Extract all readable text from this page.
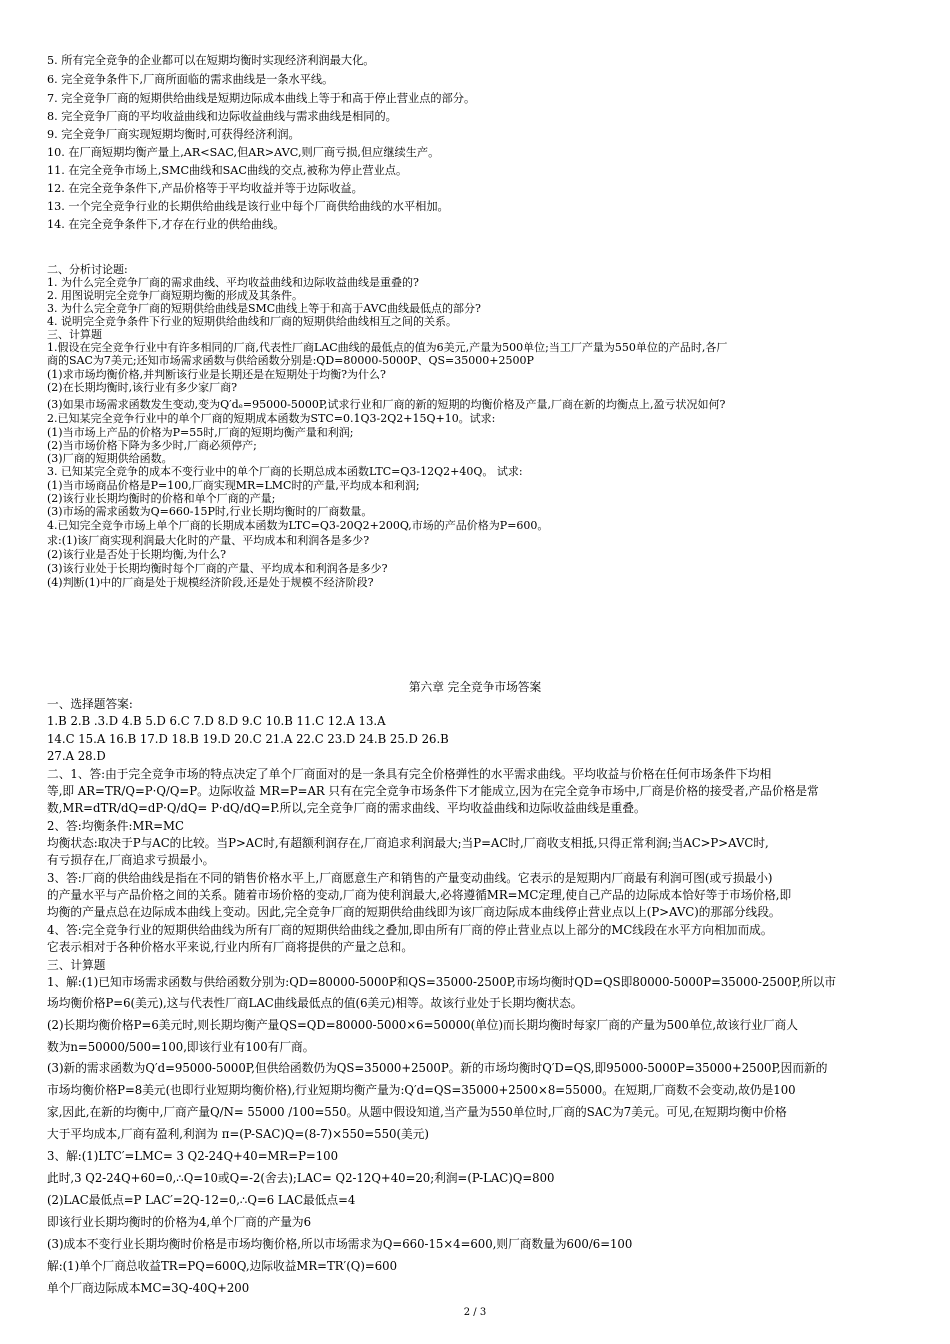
5. 所有完全竞争的企业都可以在短期均衡时实现经济利润最大化。
6. 完全竞争条件下,厂商所面临的需求曲线是一条水平线。
7. 完全竞争厂商的短期供给曲线是短期边际成本曲线上等于和高于停止营业点的部分。
8. 完全竞争厂商的平均收益曲线和边际收益曲线与需求曲线是相同的。
9. 完全竞争厂商实现短期均衡时,可获得经济利润。
10. 在厂商短期均衡产量上,AR<SAC,但AR>AVC,则厂商亏损,但应继续生产。
11. 在完全竞争市场上,SMC曲线和SAC曲线的交点,被称为停止营业点。
12. 在完全竞争条件下,产品价格等于平均收益并等于边际收益。
13. 一个完全竞争行业的长期供给曲线是该行业中每个厂商供给曲线的水平相加。
14. 在完全竞争条件下,才存在行业的供给曲线。
二、分析讨论题:
1. 为什么完全竞争厂商的需求曲线、平均收益曲线和边际收益曲线是重叠的?
2. 用图说明完全竞争厂商短期均衡的形成及其条件。
3. 为什么完全竞争厂商的短期供给曲线是SMC曲线上等于和高于AVC曲线最低点的部分?
4. 说明完全竞争条件下行业的短期供给曲线和厂商的短期供给曲线相互之间的关系。
三、计算题
1.假设在完全竞争行业中有许多相同的厂商,代表性厂商LAC曲线的最低点的值为6美元,产量为500单位;当工厂产量为550单位的产品时,各厂
商的SAC为7美元;还知市场需求函数与供给函数分别是:QD=80000-5000P、QS=35000+2500P
(1)求市场均衡价格,并判断该行业是长期还是在短期处于均衡?为什么?
(2)在长期均衡时,该行业有多少家厂商?
(3)如果市场需求函数发生变动,变为Q′dₑ=95000-5000P,试求行业和厂商的新的短期的均衡价格及产量,厂商在新的均衡点上,盈亏状况如何?
2.已知某完全竞争行业中的单个厂商的短期成本函数为STC=0.1Q3-2Q2+15Q+10。试求:
(1)当市场上产品的价格为P=55时,厂商的短期均衡产量和利润;
(2)当市场价格下降为多少时,厂商必须停产;
(3)厂商的短期供给函数。
3. 已知某完全竞争的成本不变行业中的单个厂商的长期总成本函数LTC=Q3-12Q2+40Q。 试求:
(1)当市场商品价格是P=100,厂商实现MR=LMC时的产量,平均成本和利润;
(2)该行业长期均衡时的价格和单个厂商的产量;
(3)市场的需求函数为Q=660-15P时,行业长期均衡时的厂商数量。
4.已知完全竞争市场上单个厂商的长期成本函数为LTC=Q3-20Q2+200Q,市场的产品价格为P=600。
求:(1)该厂商实现利润最大化时的产量、平均成本和利润各是多少?
(2)该行业是否处于长期均衡,为什么?
(3)该行业处于长期均衡时每个厂商的产量、平均成本和利润各是多少?
(4)判断(1)中的厂商是处于规模经济阶段,还是处于规模不经济阶段?
第六章 完全竞争市场答案
一、选择题答案:
1.B 2.B .3.D 4.B 5.D 6.C 7.D 8.D 9.C 10.B 11.C 12.A 13.A
14.C 15.A 16.B 17.D 18.B 19.D 20.C 21.A 22.C 23.D 24.B 25.D 26.B
27.A 28.D
二、1、答:由于完全竞争市场的特点决定了单个厂商面对的是一条具有完全价格弹性的水平需求曲线。平均收益与价格在任何市场条件下均相
等,即 AR=TR/Q=P·Q/Q=P。边际收益 MR=P=AR 只有在完全竞争市场条件下才能成立,因为在完全竞争市场中,厂商是价格的接受者,产品价格是常
数,MR=dTR/dQ=dP·Q/dQ= P·dQ/dQ=P.所以,完全竞争厂商的需求曲线、平均收益曲线和边际收益曲线是重叠。
2、答:均衡条件:MR=MC
均衡状态:取决于P与AC的比较。当P>AC时,有超额利润存在,厂商追求利润最大;当P=AC时,厂商收支相抵,只得正常利润;当AC>P>AVC时,
有亏损存在,厂商追求亏损最小。
3、答:厂商的供给曲线是指在不同的销售价格水平上,厂商愿意生产和销售的产量变动曲线。它表示的是短期内厂商最有利润可图(或亏损最小)
的产量水平与产品价格之间的关系。随着市场价格的变动,厂商为使利润最大,必将遵循MR=MC定理,使自己产品的边际成本恰好等于市场价格,即
均衡的产量点总在边际成本曲线上变动。因此,完全竞争厂商的短期供给曲线即为该厂商边际成本曲线停止营业点以上(P>AVC)的那部分线段。
4、答:完全竞争行业的短期供给曲线为所有厂商的短期供给曲线之叠加,即由所有厂商的停止营业点以上部分的MC线段在水平方向相加而成。
它表示相对于各种价格水平来说,行业内所有厂商将提供的产量之总和。
三、计算题
1、解:(1)已知市场需求函数与供给函数分别为:QD=80000-5000P和QS=35000-2500P,市场均衡时QD=QS即80000-5000P=35000-2500P,所以市
场均衡价格P=6(美元),这与代表性厂商LAC曲线最低点的值(6美元)相等。故该行业处于长期均衡状态。
(2)长期均衡价格P=6美元时,则长期均衡产量QS=QD=80000-5000×6=50000(单位)而长期均衡时每家厂商的产量为500单位,故该行业厂商人
数为n=50000/500=100,即该行业有100有厂商。
(3)新的需求函数为Q′d=95000-5000P,但供给函数仍为QS=35000+2500P。新的市场均衡时Q′D=QS,即95000-5000P=35000+2500P,因而新的
市场均衡价格P=8美元(也即行业短期均衡价格),行业短期均衡产量为:Q′d=QS=35000+2500×8=55000。在短期,厂商数不会变动,故仍是100
家,因此,在新的均衡中,厂商产量Q/N= 55000 /100=550。从题中假设知道,当产量为550单位时,厂商的SAC为7美元。可见,在短期均衡中价格
大于平均成本,厂商有盈利,利润为 π=(P-SAC)Q=(8-7)×550=550(美元)
3、解:(1)LTC′=LMC= 3 Q2-24Q+40=MR=P=100
此时,3 Q2-24Q+60=0,∴Q=10或Q=-2(舍去);LAC= Q2-12Q+40=20;利润=(P-LAC)Q=800
(2)LAC最低点=P LAC′=2Q-12=0,∴Q=6 LAC最低点=4
即该行业长期均衡时的价格为4,单个厂商的产量为6
(3)成本不变行业长期均衡时价格是市场均衡价格,所以市场需求为Q=660-15×4=600,则厂商数量为600/6=100
解:(1)单个厂商总收益TR=PQ=600Q,边际收益MR=TR′(Q)=600
单个厂商边际成本MC=3Q-40Q+200
2 / 3
